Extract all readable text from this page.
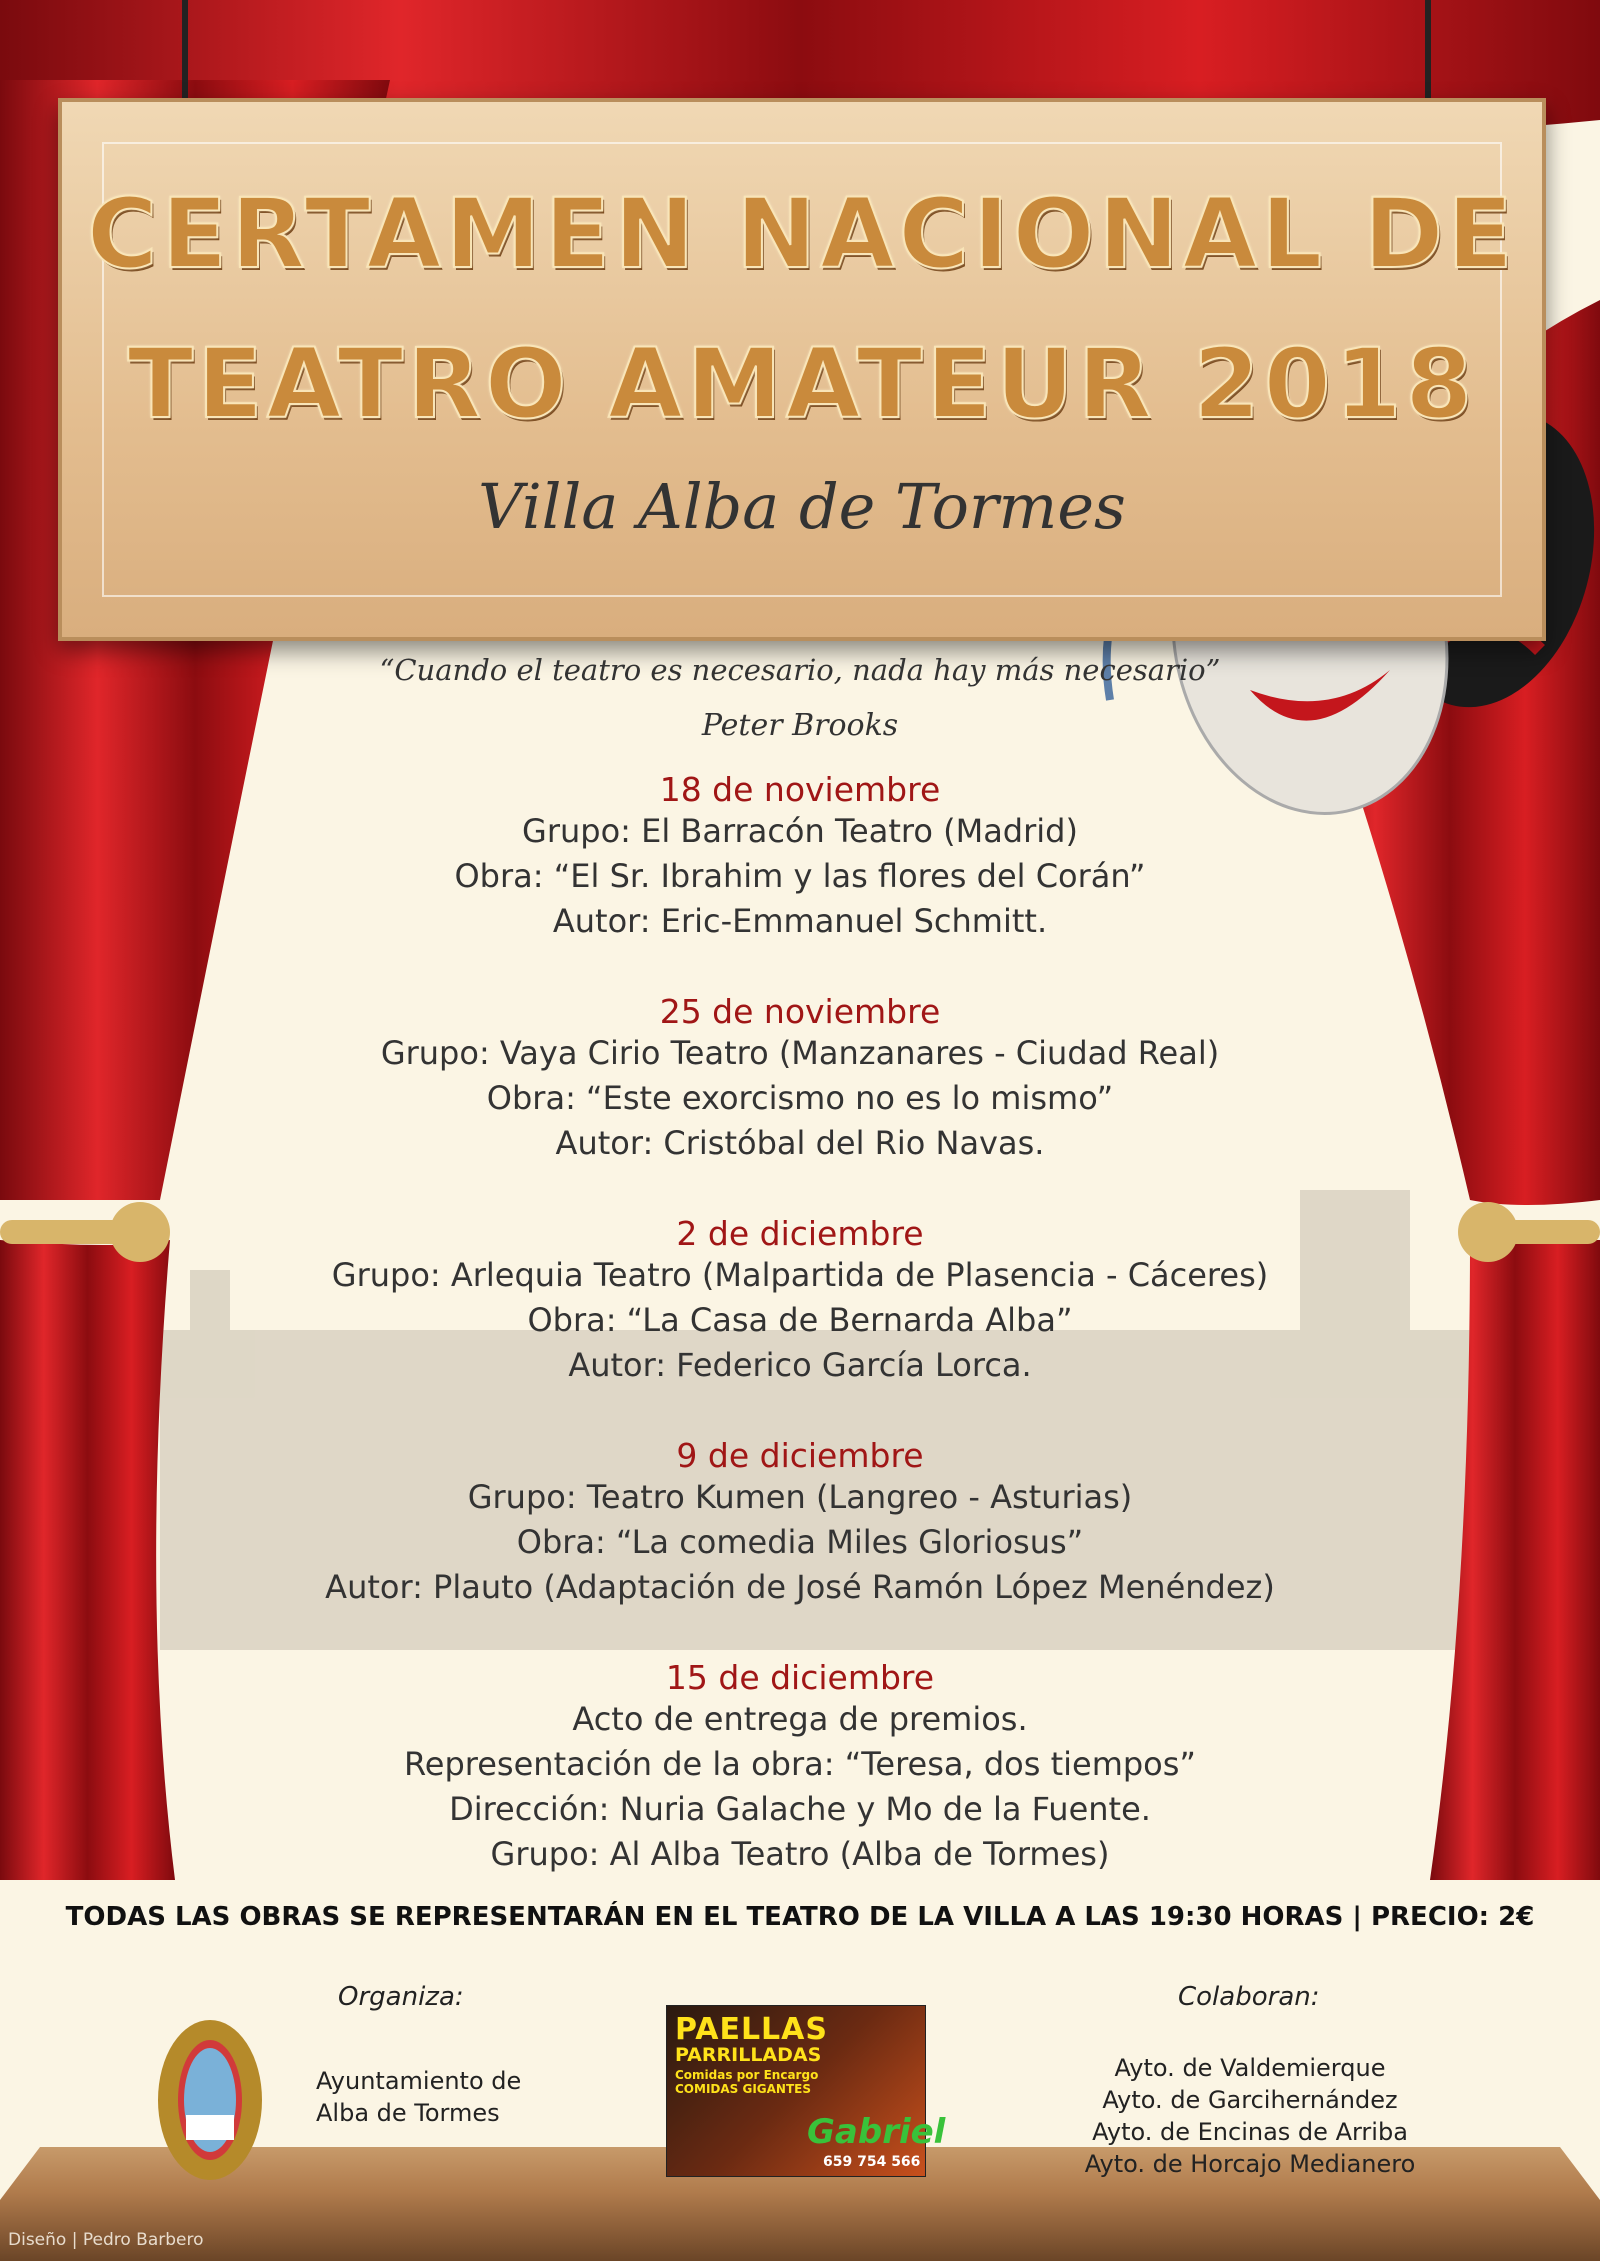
CERTAMEN NACIONAL DE
TEATRO AMATEUR 2018
Villa Alba de Tormes
“Cuando el teatro es necesario, nada hay más necesario”
Peter Brooks
18 de noviembre
Grupo: El Barracón Teatro (Madrid)
Obra: “El Sr. Ibrahim y las flores del Corán”
Autor: Eric-Emmanuel Schmitt.
25 de noviembre
Grupo: Vaya Cirio Teatro (Manzanares - Ciudad Real)
Obra: “Este exorcismo no es lo mismo”
Autor: Cristóbal del Rio Navas.
2 de diciembre
Grupo: Arlequia Teatro (Malpartida de Plasencia - Cáceres)
Obra: “La Casa de Bernarda Alba”
Autor: Federico García Lorca.
9 de diciembre
Grupo: Teatro Kumen (Langreo - Asturias)
Obra: “La comedia Miles Gloriosus”
Autor: Plauto (Adaptación de José Ramón López Menéndez)
15 de diciembre
Acto de entrega de premios.
Representación de la obra: “Teresa, dos tiempos”
Dirección: Nuria Galache y Mo de la Fuente.
Grupo: Al Alba Teatro (Alba de Tormes)
TODAS LAS OBRAS SE REPRESENTARÁN EN EL TEATRO DE LA VILLA A LAS 19:30 HORAS | PRECIO: 2€
Organiza:
Ayuntamiento de
Alba de Tormes
PAELLAS
PARRILLADAS
Comidas por Encargo
COMIDAS GIGANTES
Gabriel
659 754 566
Colaboran:
Ayto. de Valdemierque
Ayto. de Garcihernández
Ayto. de Encinas de Arriba
Ayto. de Horcajo Medianero
Diseño | Pedro Barbero
